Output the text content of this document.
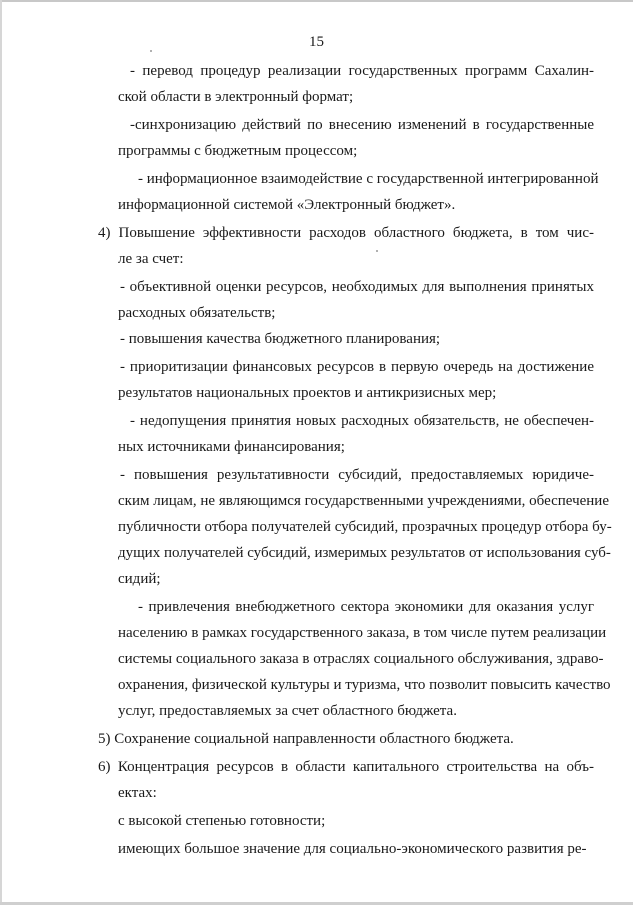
15
- перевод процедур реализации государственных программ Сахалин-
ской области в электронный формат;
-синхронизацию действий по внесению изменений в государственные
программы с бюджетным процессом;
- информационное взаимодействие с государственной интегрированной
информационной системой «Электронный бюджет».
4) Повышение эффективности расходов областного бюджета, в том чис-
ле за счет:
- объективной оценки ресурсов, необходимых для выполнения принятых
расходных обязательств;
- повышения качества бюджетного планирования;
- приоритизации финансовых ресурсов в первую очередь на достижение
результатов национальных проектов и антикризисных мер;
- недопущения принятия новых расходных обязательств, не обеспечен-
ных источниками финансирования;
- повышения результативности субсидий, предоставляемых юридиче-
ским лицам, не являющимся государственными учреждениями, обеспечение
публичности отбора получателей субсидий, прозрачных процедур отбора бу-
дущих получателей субсидий, измеримых результатов от использования суб-
сидий;
- привлечения внебюджетного сектора экономики для оказания услуг
населению в рамках государственного заказа, в том числе путем реализации
системы социального заказа в отраслях социального обслуживания, здраво-
охранения, физической культуры и туризма, что позволит повысить качество
услуг, предоставляемых за счет областного бюджета.
5) Сохранение социальной направленности областного бюджета.
6) Концентрация ресурсов в области капитального строительства на объ-
ектах:
с высокой степенью готовности;
имеющих большое значение для социально-экономического развития ре-
